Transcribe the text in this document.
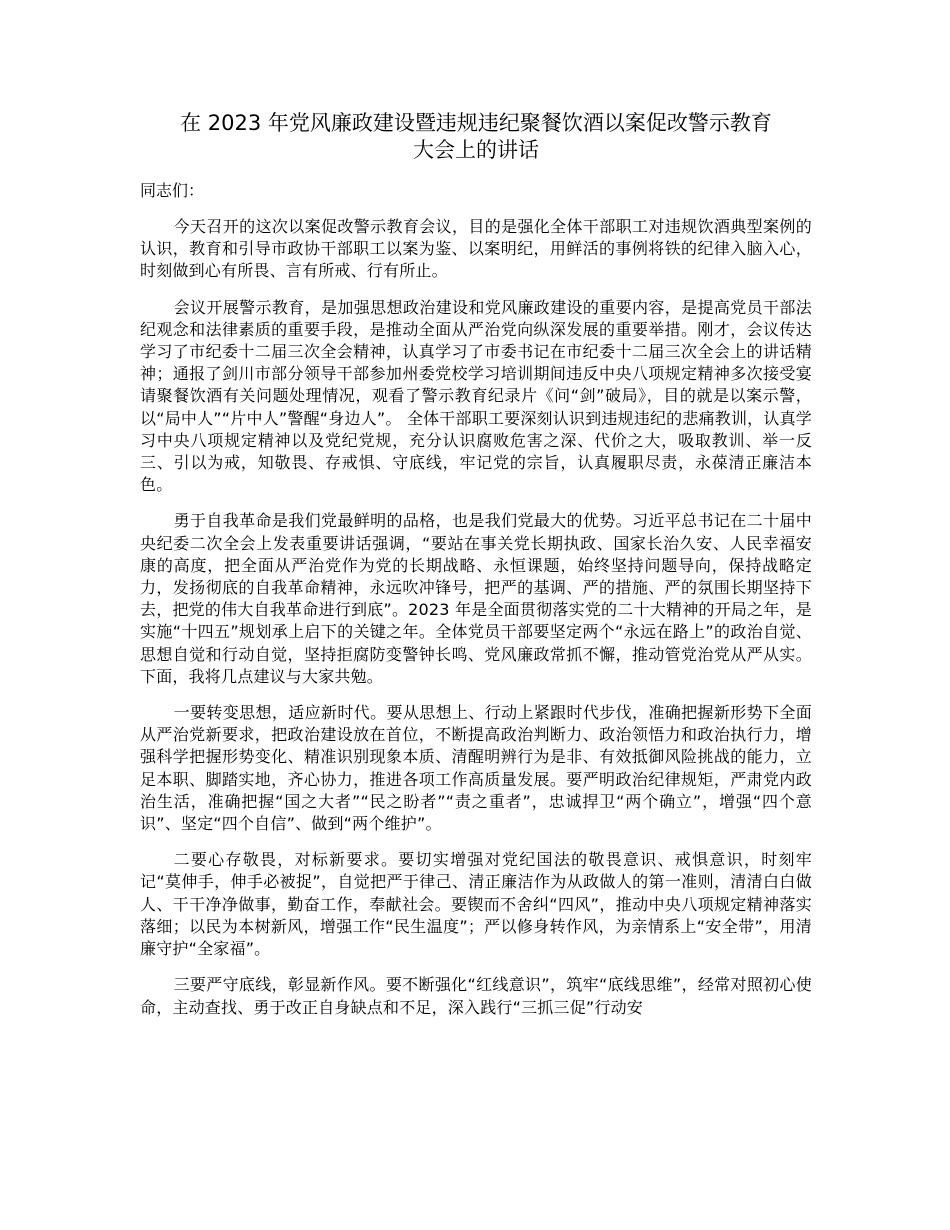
在 2023 年党风廉政建设暨违规违纪聚餐饮酒以案促改警示教育
大会上的讲话

同志们：

今天召开的这次以案促改警示教育会议，目的是强化全体干部职工对违规饮酒典型案例的认识，教育和引导市政协干部职工以案为鉴、以案明纪，用鲜活的事例将铁的纪律入脑入心，时刻做到心有所畏、言有所戒、行有所止。

会议开展警示教育，是加强思想政治建设和党风廉政建设的重要内容，是提高党员干部法纪观念和法律素质的重要手段，是推动全面从严治党向纵深发展的重要举措。刚才，会议传达学习了市纪委十二届三次全会精神，认真学习了市委书记在市纪委十二届三次全会上的讲话精神；通报了剑川市部分领导干部参加州委党校学习培训期间违反中央八项规定精神多次接受宴请聚餐饮酒有关问题处理情况，观看了警示教育纪录片《问“剑”破局》，目的就是以案示警，以“局中人”“片中人”警醒“身边人”。 全体干部职工要深刻认识到违规违纪的悲痛教训，认真学习中央八项规定精神以及党纪党规，充分认识腐败危害之深、代价之大，吸取教训、举一反三、引以为戒，知敬畏、存戒惧、守底线，牢记党的宗旨，认真履职尽责，永葆清正廉洁本色。

勇于自我革命是我们党最鲜明的品格，也是我们党最大的优势。习近平总书记在二十届中央纪委二次全会上发表重要讲话强调，“要站在事关党长期执政、国家长治久安、人民幸福安康的高度，把全面从严治党作为党的长期战略、永恒课题，始终坚持问题导向，保持战略定力，发扬彻底的自我革命精神，永远吹冲锋号，把严的基调、严的措施、严的氛围长期坚持下去，把党的伟大自我革命进行到底”。2023 年是全面贯彻落实党的二十大精神的开局之年，是实施“十四五”规划承上启下的关键之年。全体党员干部要坚定两个“永远在路上”的政治自觉、思想自觉和行动自觉，坚持拒腐防变警钟长鸣、党风廉政常抓不懈，推动管党治党从严从实。下面，我将几点建议与大家共勉。

一要转变思想，适应新时代。要从思想上、行动上紧跟时代步伐，准确把握新形势下全面从严治党新要求，把政治建设放在首位，不断提高政治判断力、政治领悟力和政治执行力，增强科学把握形势变化、精准识别现象本质、清醒明辨行为是非、有效抵御风险挑战的能力，立足本职、脚踏实地，齐心协力，推进各项工作高质量发展。要严明政治纪律规矩，严肃党内政治生活，准确把握“国之大者”“民之盼者”“责之重者”，忠诚捍卫“两个确立”，增强“四个意识”、坚定“四个自信”、做到“两个维护”。

二要心存敬畏，对标新要求。要切实增强对党纪国法的敬畏意识、戒惧意识，时刻牢记“莫伸手，伸手必被捉”，自觉把严于律己、清正廉洁作为从政做人的第一准则，清清白白做人、干干净净做事，勤奋工作，奉献社会。要锲而不舍纠“四风”，推动中央八项规定精神落实落细；以民为本树新风，增强工作“民生温度”；严以修身转作风，为亲情系上“安全带”，用清廉守护“全家福”。

三要严守底线，彰显新作风。要不断强化“红线意识”，筑牢“底线思维”，经常对照初心使命，主动查找、勇于改正自身缺点和不足，深入践行“三抓三促”行动安
